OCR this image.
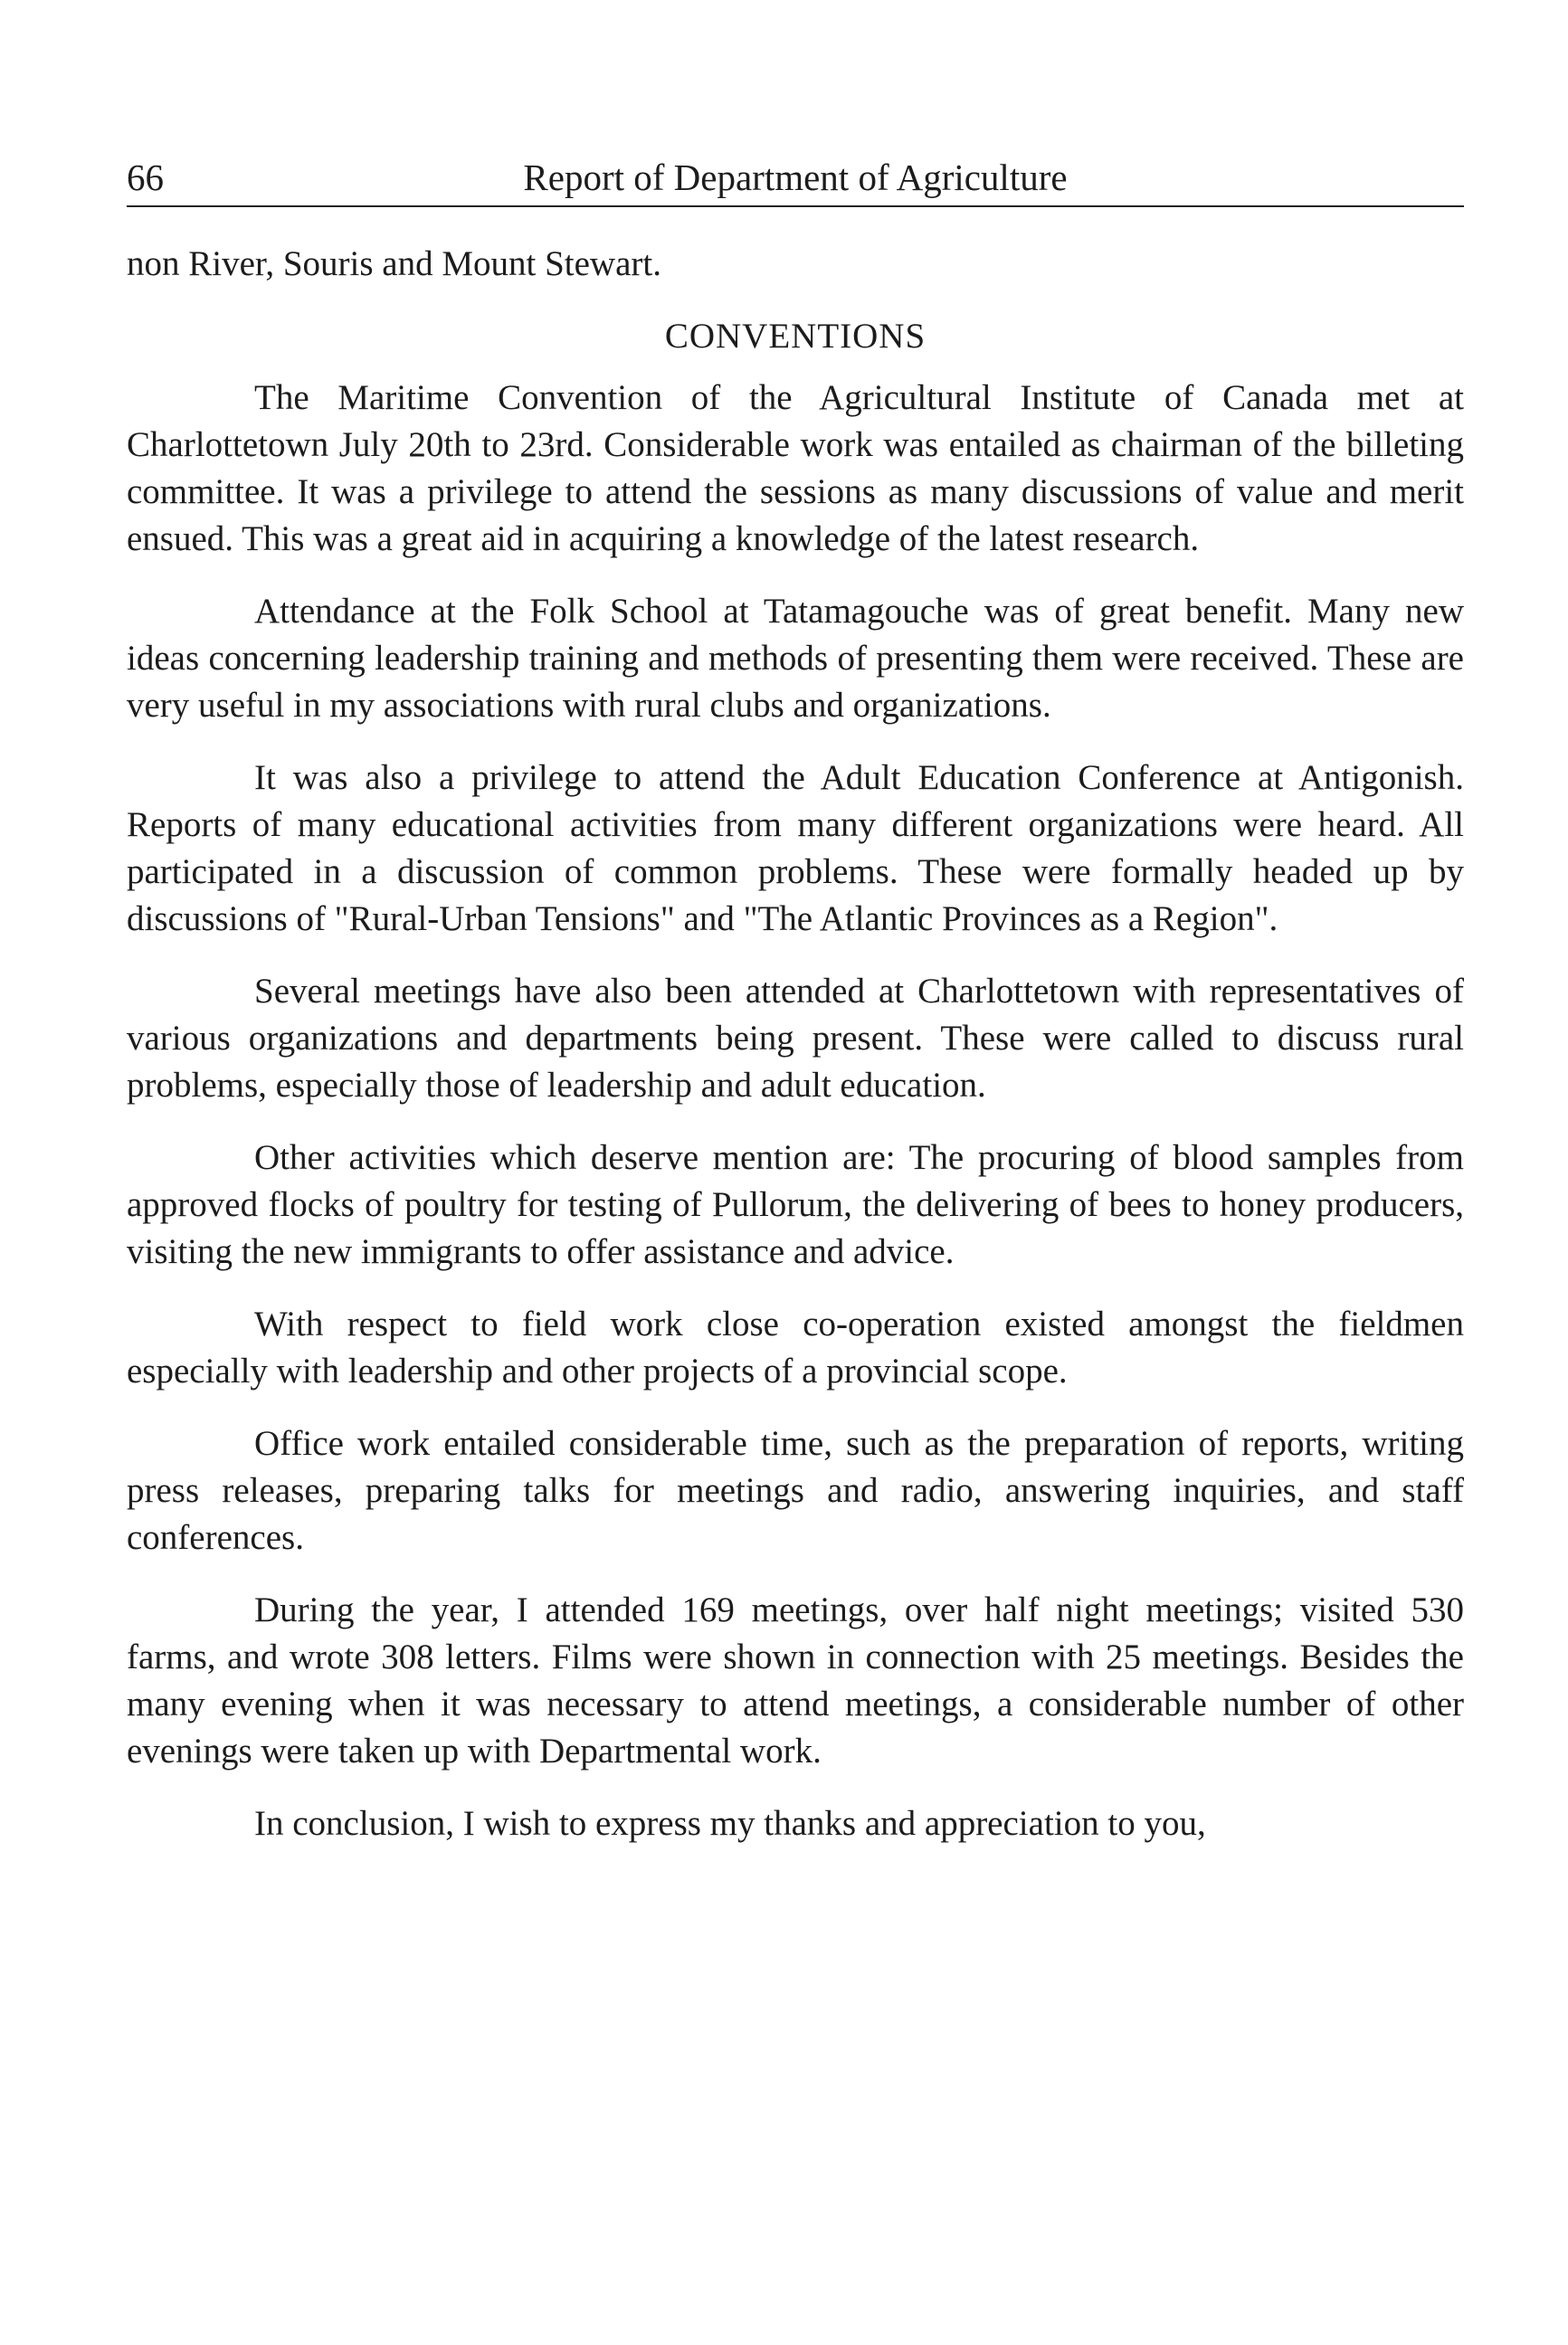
66	Report of Department of Agriculture

non River, Souris and Mount Stewart.

CONVENTIONS

The Maritime Convention of the Agricultural Institute of Canada met at Charlottetown July 20th to 23rd. Considerable work was entailed as chairman of the billeting committee. It was a privilege to attend the sessions as many discussions of value and merit ensued. This was a great aid in acquiring a knowledge of the latest research.

Attendance at the Folk School at Tatamagouche was of great benefit. Many new ideas concerning leadership training and methods of presenting them were received. These are very useful in my associations with rural clubs and organizations.

It was also a privilege to attend the Adult Education Conference at Antigonish. Reports of many educational activities from many different organizations were heard. All participated in a discussion of common problems. These were formally headed up by discussions of "Rural-Urban Tensions" and "The Atlantic Provinces as a Region".

Several meetings have also been attended at Charlottetown with representatives of various organizations and departments being present. These were called to discuss rural problems, especially those of leadership and adult education.

Other activities which deserve mention are: The procuring of blood samples from approved flocks of poultry for testing of Pullorum, the delivering of bees to honey producers, visiting the new immigrants to offer assistance and advice.

With respect to field work close co-operation existed amongst the fieldmen especially with leadership and other projects of a provincial scope.

Office work entailed considerable time, such as the preparation of reports, writing press releases, preparing talks for meetings and radio, answering inquiries, and staff conferences.

During the year, I attended 169 meetings, over half night meetings; visited 530 farms, and wrote 308 letters. Films were shown in connection with 25 meetings. Besides the many evening when it was necessary to attend meetings, a considerable number of other evenings were taken up with Departmental work.

In conclusion, I wish to express my thanks and appreciation to you,
